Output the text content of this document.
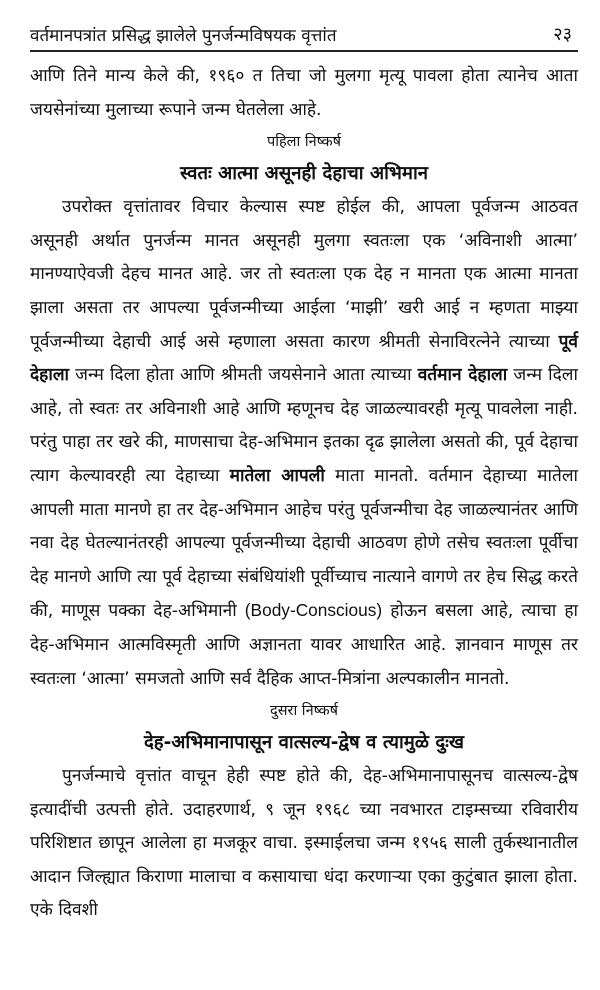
वर्तमानपत्रांत प्रसिद्ध झालेले पुनर्जन्मविषयक वृत्तांत	२३

आणि तिने मान्य केले की, १९६० त तिचा जो मुलगा मृत्यू पावला होता त्यानेच आता जयसेनांच्या मुलाच्या रूपाने जन्म घेतलेला आहे.

पहिला निष्कर्ष
स्वतः आत्मा असूनही देहाचा अभिमान

उपरोक्त वृत्तांतावर विचार केल्यास स्पष्ट होईल की, आपला पूर्वजन्म आठवत असूनही अर्थात पुनर्जन्म मानत असूनही मुलगा स्वतःला एक ‘अविनाशी आत्मा’ मानण्याऐवजी देहच मानत आहे. जर तो स्वतःला एक देह न मानता एक आत्मा मानता झाला असता तर आपल्या पूर्वजन्मीच्या आईला ‘माझी’ खरी आई न म्हणता माझ्या पूर्वजन्मीच्या देहाची आई असे म्हणाला असता कारण श्रीमती सेनाविरत्नेने त्याच्या पूर्व देहाला जन्म दिला होता आणि श्रीमती जयसेनाने आता त्याच्या वर्तमान देहाला जन्म दिला आहे, तो स्वतः तर अविनाशी आहे आणि म्हणूनच देह जाळल्यावरही मृत्यू पावलेला नाही. परंतु पाहा तर खरे की, माणसाचा देह-अभिमान इतका दृढ झालेला असतो की, पूर्व देहाचा त्याग केल्यावरही त्या देहाच्या मातेला आपली माता मानतो. वर्तमान देहाच्या मातेला आपली माता मानणे हा तर देह-अभिमान आहेच परंतु पूर्वजन्मीचा देह जाळल्यानंतर आणि नवा देह घेतल्यानंतरही आपल्या पूर्वजन्मीच्या देहाची आठवण होणे तसेच स्वतःला पूर्वीचा देह मानणे आणि त्या पूर्व देहाच्या संबंधियांशी पूर्वीच्याच नात्याने वागणे तर हेच सिद्ध करते की, माणूस पक्का देह-अभिमानी (Body-Conscious) होऊन बसला आहे, त्याचा हा देह-अभिमान आत्मविस्मृती आणि अज्ञानता यावर आधारित आहे. ज्ञानवान माणूस तर स्वतःला ‘आत्मा’ समजतो आणि सर्व दैहिक आप्त-मित्रांना अल्पकालीन मानतो.

दुसरा निष्कर्ष
देह-अभिमानापासून वात्सल्य-द्वेष व त्यामुळे दुःख

पुनर्जन्माचे वृत्तांत वाचून हेही स्पष्ट होते की, देह-अभिमानापासूनच वात्सल्य-द्वेष इत्यादींची उत्पत्ती होते. उदाहरणार्थ, ९ जून १९६८ च्या नवभारत टाइम्सच्या रविवारीय परिशिष्टात छापून आलेला हा मजकूर वाचा. इस्माईलचा जन्म १९५६ साली तुर्कस्थानातील आदान जिल्ह्यात किराणा मालाचा व कसायाचा धंदा करणाऱ्या एका कुटुंबात झाला होता. एके दिवशी
